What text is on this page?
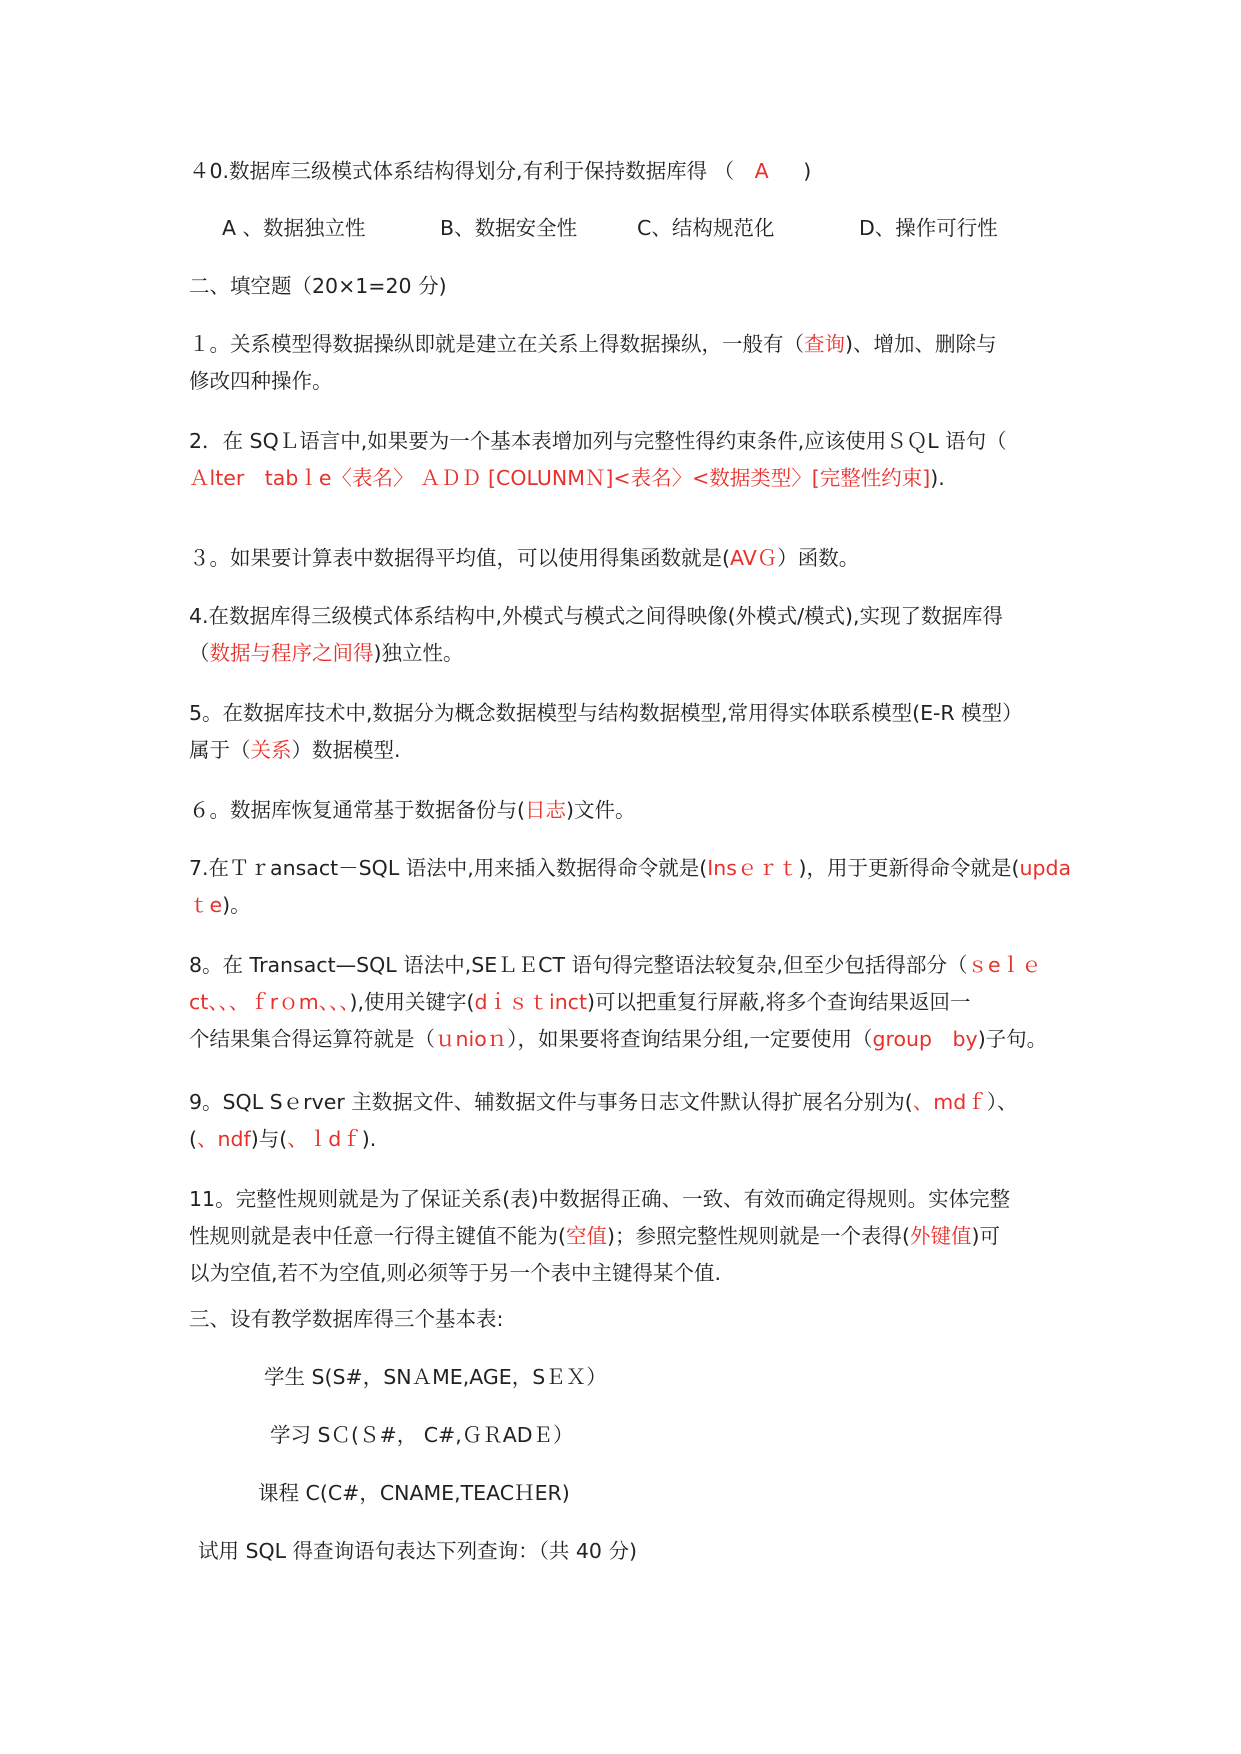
４0.数据库三级模式体系结构得划分,有利于保持数据库得 （ A )
A 、数据独立性	B、数据安全性	C、结构规范化	D、操作可行性
二、填空题（20×1=20 分)
１。关系模型得数据操纵即就是建立在关系上得数据操纵，一般有（查询)、增加、删除与
修改四种操作。
2．在 SQＬ语言中,如果要为一个基本表增加列与完整性得约束条件,应该使用ＳＱL 语句（
Ａlter　tabｌe〈表名〉 ＡＤＤ [COLUNMＮ]<表名〉<数据类型〉[完整性约束]).
３。如果要计算表中数据得平均值，可以使用得集函数就是(AVＧ）函数。
4.在数据库得三级模式体系结构中,外模式与模式之间得映像(外模式/模式),实现了数据库得
（数据与程序之间得)独立性。
5。在数据库技术中,数据分为概念数据模型与结构数据模型,常用得实体联系模型(E-R 模型）
属于（关系）数据模型.
６。数据库恢复通常基于数据备份与(日志)文件。
7.在Ｔｒansact－SQL 语法中,用来插入数据得命令就是(Insｅｒｔ)，用于更新得命令就是(upda
ｔe)。
8。在 Transact—SQL 语法中,SEＬＥCT 语句得完整语法较复杂,但至少包括得部分（ｓeｌｅ
ct、、、ｆrｏm、、、),使用关键字(dｉｓｔinct)可以把重复行屏蔽,将多个查询结果返回一
个结果集合得运算符就是（ｕnioｎ），如果要将查询结果分组,一定要使用（group　by)子句。
9。SQL Sｅrver 主数据文件、辅数据文件与事务日志文件默认得扩展名分别为(、mdｆ）、
(、ndf)与(、ｌdｆ).
11。完整性规则就是为了保证关系(表)中数据得正确、一致、有效而确定得规则。实体完整
性规则就是表中任意一行得主键值不能为(空值)；参照完整性规则就是一个表得(外键值)可
以为空值,若不为空值,则必须等于另一个表中主键得某个值.
三、设有教学数据库得三个基本表:
学生 S(S#，SNＡME,AGE，SＥＸ）
学习 SＣ(Ｓ#， C#,ＧＲADＥ）
课程 C(C#，CNAME,TEACＨER)
试用 SQL 得查询语句表达下列查询：（共 40 分)
